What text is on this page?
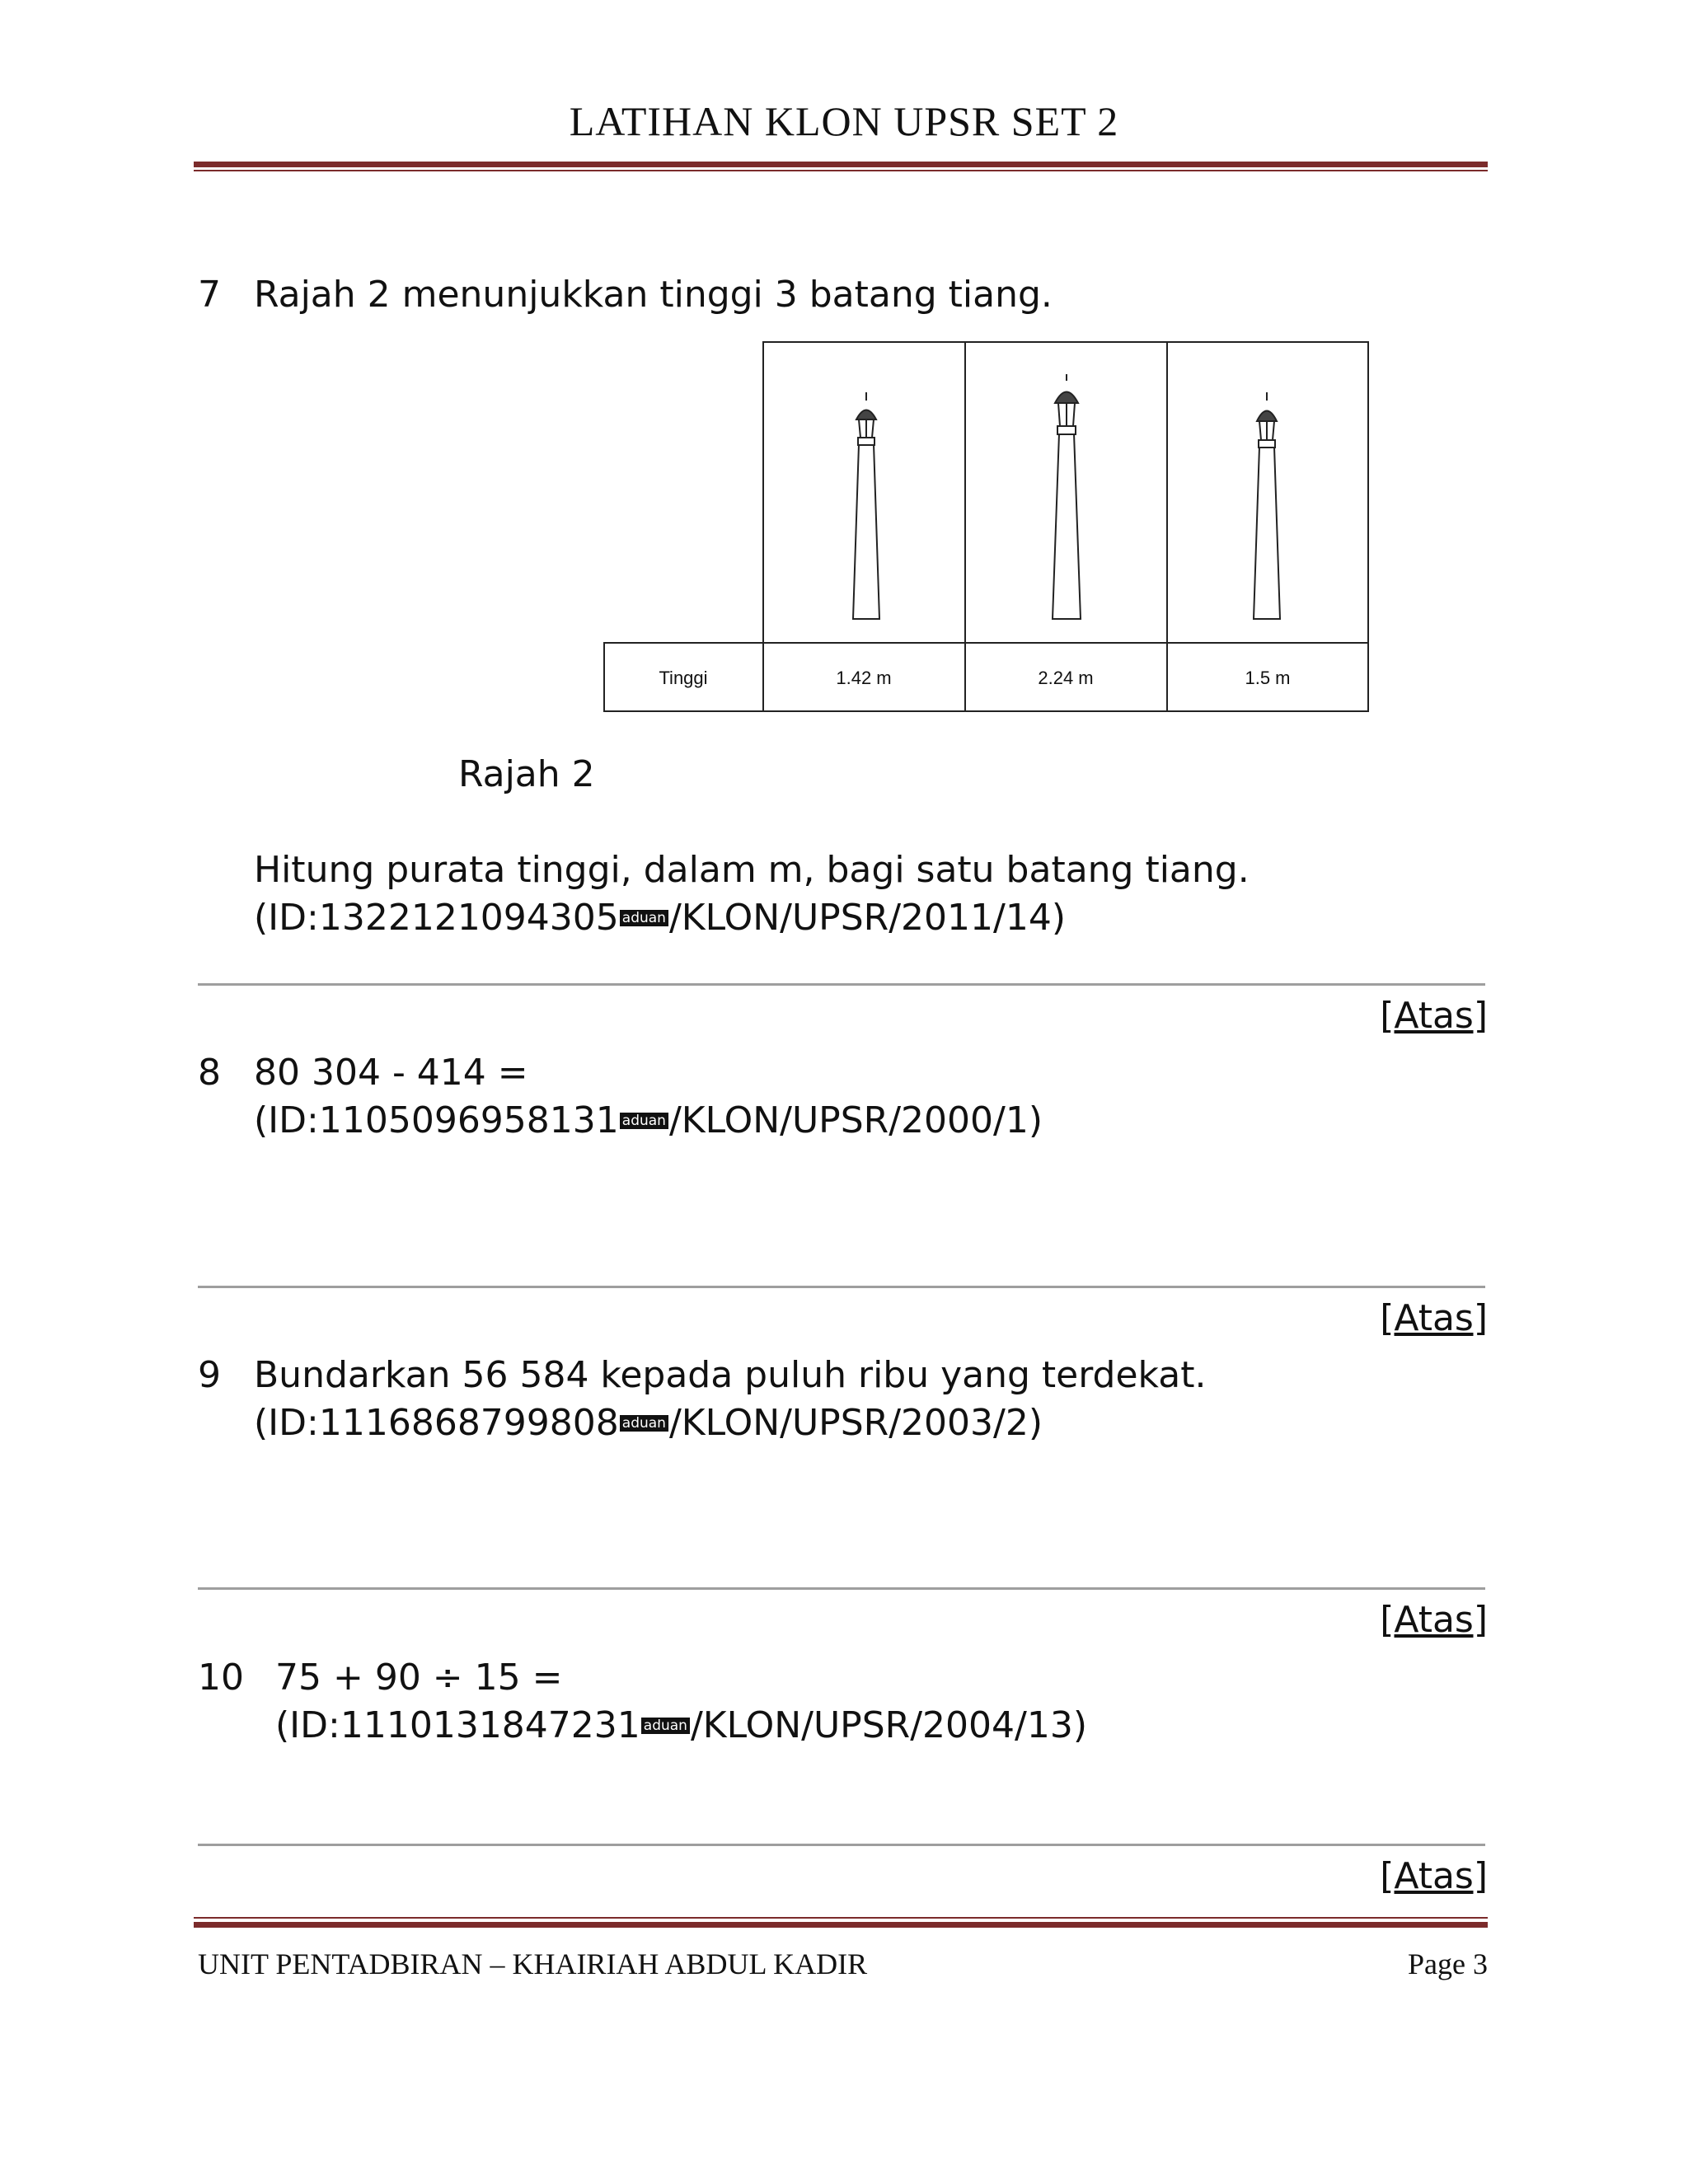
LATIHAN KLON UPSR SET 2
7 Rajah 2 menunjukkan tinggi 3 batang tiang.
Tinggi	1.42 m	2.24 m	1.5 m
Rajah 2
Hitung purata tinggi, dalam m, bagi satu batang tiang.
(ID:1322121094305 aduan/KLON/UPSR/2011/14)
[Atas]
8 80 304 - 414 =
(ID:1105096958131 aduan/KLON/UPSR/2000/1)
[Atas]
9 Bundarkan 56 584 kepada puluh ribu yang terdekat.
(ID:1116868799808 aduan/KLON/UPSR/2003/2)
[Atas]
10 75 + 90 ÷ 15 =
(ID:1110131847231 aduan/KLON/UPSR/2004/13)
[Atas]
UNIT PENTADBIRAN – KHAIRIAH ABDUL KADIR	Page 3
